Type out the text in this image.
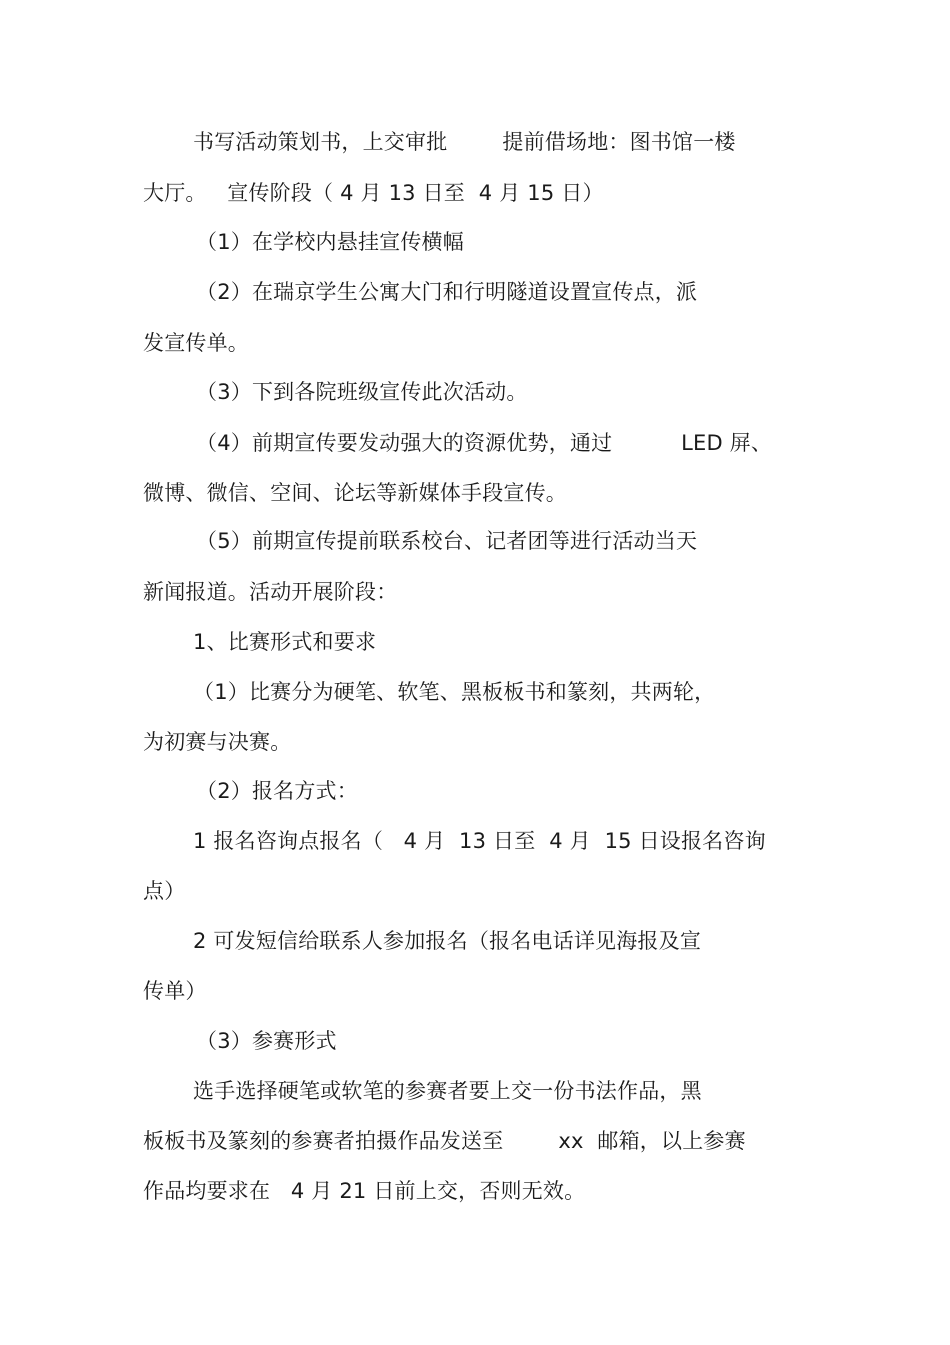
书写活动策划书，上交审批        提前借场地：图书馆一楼
大厅。   宣传阶段（ 4 月 13 日至  4 月 15 日）
（1）在学校内悬挂宣传横幅
（2）在瑞京学生公寓大门和行明隧道设置宣传点，派
发宣传单。
（3）下到各院班级宣传此次活动。
（4）前期宣传要发动强大的资源优势，通过          LED 屏、
微博、微信、空间、论坛等新媒体手段宣传。
（5）前期宣传提前联系校台、记者团等进行活动当天
新闻报道。活动开展阶段：
1、比赛形式和要求
（1）比赛分为硬笔、软笔、黑板板书和篆刻，共两轮，
为初赛与决赛。
（2）报名方式：
1 报名咨询点报名（   4 月  13 日至  4 月  15 日设报名咨询
点）
2 可发短信给联系人参加报名（报名电话详见海报及宣
传单）
（3）参赛形式
选手选择硬笔或软笔的参赛者要上交一份书法作品，黑
板板书及篆刻的参赛者拍摄作品发送至        xx  邮箱，以上参赛
作品均要求在   4 月 21 日前上交，否则无效。
